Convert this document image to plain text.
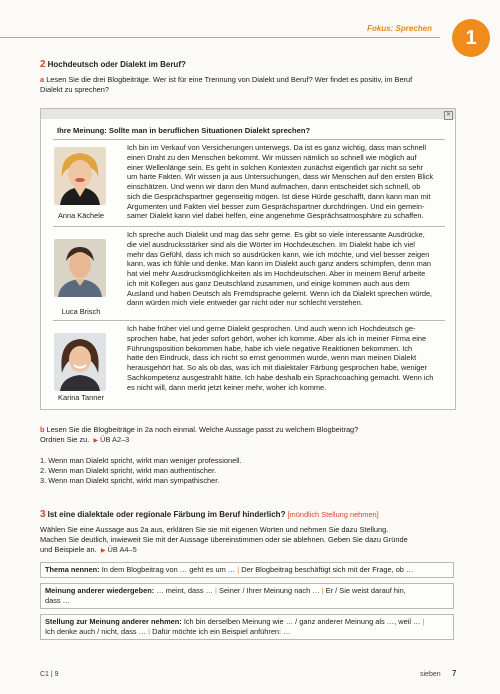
Fokus: Sprechen	1
2 Hochdeutsch oder Dialekt im Beruf?
a Lesen Sie die drei Blogbeiträge. Wer ist für eine Trennung von Dialekt und Beruf? Wer findet es positiv, im Beruf
Dialekt zu sprechen?
✕
Ihre Meinung: Sollte man in beruflichen Situationen Dialekt sprechen?
Anna Kächele
Ich bin im Verkauf von Versicherungen unterwegs. Da ist es ganz wichtig, dass man schnell
einen Draht zu den Menschen bekommt. Wir müssen nämlich so schnell wie möglich auf
einer Wellenlänge sein. Es geht in solchen Kontexten zunächst eigentlich gar nicht so sehr
um harte Fakten. Wir wissen ja aus Untersuchungen, dass wir Menschen auf den ersten Blick
einschätzen. Und wenn wir dann den Mund aufmachen, dann entscheidet sich schnell, ob
sich die Gesprächspartner gegenseitig mögen. Ist diese Hürde geschafft, dann kann man mit
Argumenten und Fakten viel besser zum Gesprächspartner durchdringen. Und ein gemein-
samer Dialekt kann viel dabei helfen, eine angenehme Gesprächsatmosphäre zu schaffen.
Luca Brisch
Ich spreche auch Dialekt und mag das sehr gerne. Es gibt so viele interessante Ausdrücke,
die viel ausdrucksstärker sind als die Wörter im Hochdeutschen. Im Dialekt habe ich viel
mehr das Gefühl, dass ich mich so ausdrücken kann, wie ich möchte, und viel besser zeigen
kann, was ich fühle und denke. Man kann im Dialekt auch ganz anders schimpfen, denn man
hat viel mehr Ausdrucksmöglichkeiten als im Hochdeutschen. Aber in meinem Beruf arbeite
ich mit Kollegen aus ganz Deutschland zusammen, und einige kommen auch aus dem
Ausland und haben Deutsch als Fremdsprache gelernt. Wenn ich da Dialekt sprechen würde,
dann würden mich viele entweder gar nicht oder nur schlecht verstehen.
Karina Tanner
Ich habe früher viel und gerne Dialekt gesprochen. Und auch wenn ich Hochdeutsch ge-
sprochen habe, hat jeder sofort gehört, woher ich komme. Aber als ich in meiner Firma eine
Führungsposition bekommen habe, habe ich viele negative Reaktionen bekommen. Ich
hatte den Eindruck, dass ich nicht so ernst genommen wurde, wenn man meinen Dialekt
herausgehört hat. So als ob das, was ich mit dialektaler Färbung gesprochen habe, weniger
Sachkompetenz ausgestrahlt hätte. Ich habe deshalb ein Sprachcoaching gemacht. Wenn ich
es nicht will, dann merkt jetzt keiner mehr, woher ich komme.
b Lesen Sie die Blogbeiträge in 2a noch einmal. Welche Aussage passt zu welchem Blogbeitrag?
Ordnen Sie zu. ▶ ÜB A2–3
1. Wenn man Dialekt spricht, wirkt man weniger professionell.
2. Wenn man Dialekt spricht, wirkt man authentischer.
3. Wenn man Dialekt spricht, wirkt man sympathischer.
3 Ist eine dialektale oder regionale Färbung im Beruf hinderlich? [mündlich Stellung nehmen]
Wählen Sie eine Aussage aus 2a aus, erklären Sie sie mit eigenen Worten und nehmen Sie dazu Stellung.
Machen Sie deutlich, inwieweit Sie mit der Aussage übereinstimmen oder sie ablehnen. Geben Sie dazu Gründe
und Beispiele an. ▶ ÜB A4–5
Thema nennen: In dem Blogbeitrag von … geht es um … | Der Blogbeitrag beschäftigt sich mit der Frage, ob …
Meinung anderer wiedergeben: … meint, dass … | Seiner / Ihrer Meinung nach … | Er / Sie weist darauf hin,
dass …
Stellung zur Meinung anderer nehmen: Ich bin derselben Meinung wie … / ganz anderer Meinung als …, weil … |
Ich denke auch / nicht, dass … | Dafür möchte ich ein Beispiel anführen: …
C1 | 9	sieben 7
